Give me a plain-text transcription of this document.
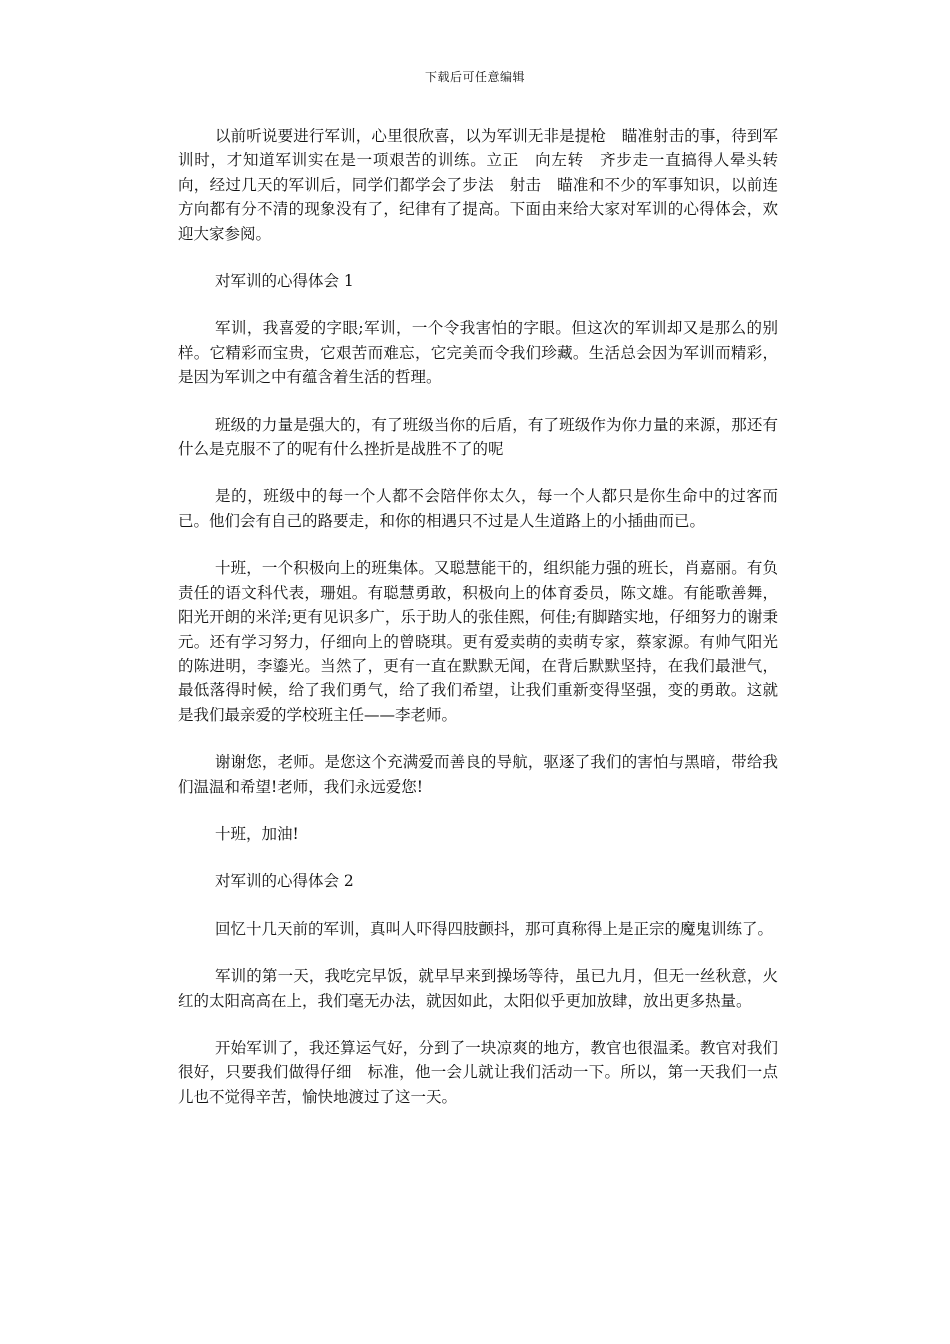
下载后可任意编辑

以前听说要进行军训，心里很欣喜，以为军训无非是提枪　瞄准射击的事，待到军训时，才知道军训实在是一项艰苦的训练。立正　向左转　齐步走一直搞得人晕头转向，经过几天的军训后，同学们都学会了步法　射击　瞄准和不少的军事知识，以前连方向都有分不清的现象没有了，纪律有了提高。下面由来给大家对军训的心得体会，欢迎大家参阅。

对军训的心得体会 1

军训，我喜爱的字眼;军训，一个令我害怕的字眼。但这次的军训却又是那么的别样。它精彩而宝贵，它艰苦而难忘，它完美而令我们珍藏。生活总会因为军训而精彩，是因为军训之中有蕴含着生活的哲理。

班级的力量是强大的，有了班级当你的后盾，有了班级作为你力量的来源，那还有什么是克服不了的呢有什么挫折是战胜不了的呢

是的，班级中的每一个人都不会陪伴你太久，每一个人都只是你生命中的过客而已。他们会有自己的路要走，和你的相遇只不过是人生道路上的小插曲而已。

十班，一个积极向上的班集体。又聪慧能干的，组织能力强的班长，肖嘉丽。有负责任的语文科代表，珊姐。有聪慧勇敢，积极向上的体育委员，陈文雄。有能歌善舞，阳光开朗的米洋;更有见识多广，乐于助人的张佳熙，何佳;有脚踏实地，仔细努力的谢秉元。还有学习努力，仔细向上的曾晓琪。更有爱卖萌的卖萌专家，蔡家源。有帅气阳光的陈进明，李鎏光。当然了，更有一直在默默无闻，在背后默默坚持，在我们最泄气，最低落得时候，给了我们勇气，给了我们希望，让我们重新变得坚强，变的勇敢。这就是我们最亲爱的学校班主任——李老师。

谢谢您，老师。是您这个充满爱而善良的导航，驱逐了我们的害怕与黑暗，带给我们温温和希望!老师，我们永远爱您!

十班，加油!

对军训的心得体会 2

回忆十几天前的军训，真叫人吓得四肢颤抖，那可真称得上是正宗的魔鬼训练了。

军训的第一天，我吃完早饭，就早早来到操场等待，虽已九月，但无一丝秋意，火红的太阳高高在上，我们毫无办法，就因如此，太阳似乎更加放肆，放出更多热量。

开始军训了，我还算运气好，分到了一块凉爽的地方，教官也很温柔。教官对我们很好，只要我们做得仔细　标准，他一会儿就让我们活动一下。所以，第一天我们一点儿也不觉得辛苦，愉快地渡过了这一天。
